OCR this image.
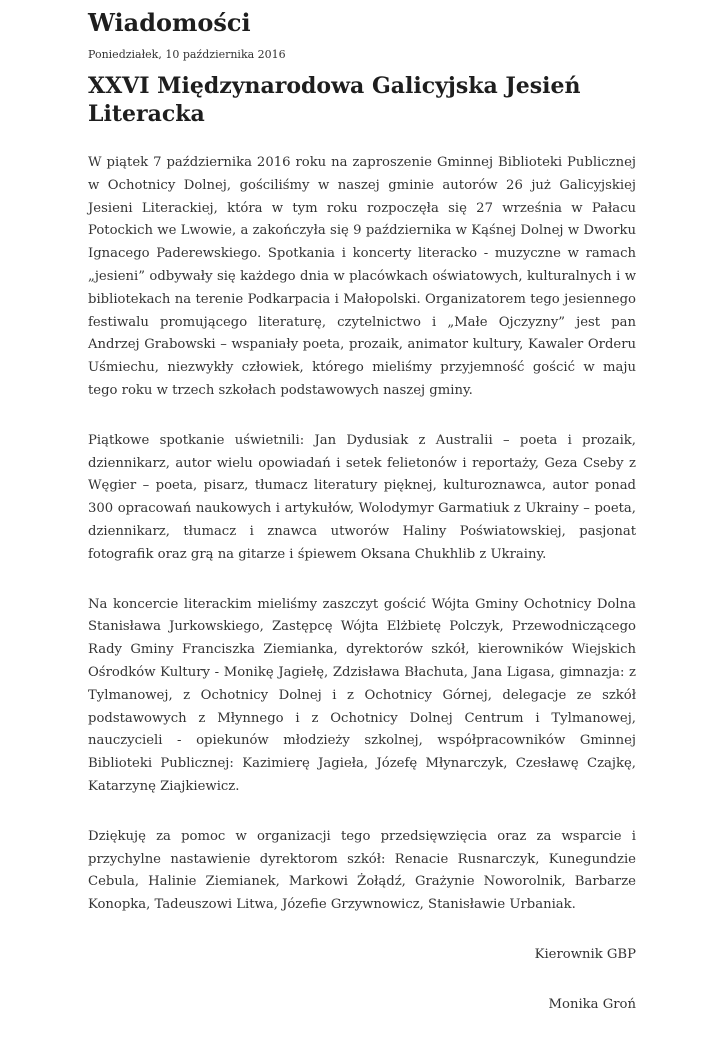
Wiadomości
Poniedziałek, 10 października 2016
XXVI Międzynarodowa Galicyjska Jesień Literacka

W piątek 7 października 2016 roku na zaproszenie Gminnej Biblioteki Publicznej w Ochotnicy Dolnej, gościliśmy w naszej gminie autorów 26 już Galicyjskiej Jesieni Literackiej, która w tym roku rozpoczęła się 27 września w Pałacu Potockich we Lwowie, a zakończyła się 9 października w Kąśnej Dolnej w Dworku Ignacego Paderewskiego. Spotkania i koncerty literacko - muzyczne w ramach „jesieni” odbywały się każdego dnia w placówkach oświatowych, kulturalnych i w bibliotekach na terenie Podkarpacia i Małopolski. Organizatorem tego jesiennego festiwalu promującego literaturę, czytelnictwo i „Małe Ojczyzny” jest pan Andrzej Grabowski – wspaniały poeta, prozaik, animator kultury, Kawaler Orderu Uśmiechu, niezwykły człowiek, którego mieliśmy przyjemność gościć w maju tego roku w trzech szkołach podstawowych naszej gminy.

Piątkowe spotkanie uświetnili: Jan Dydusiak z Australii – poeta i prozaik, dziennikarz, autor wielu opowiadań i setek felietonów i reportaży, Geza Cseby z Węgier – poeta, pisarz, tłumacz literatury pięknej, kulturoznawca, autor ponad 300 opracowań naukowych i artykułów, Wolodymyr Garmatiuk z Ukrainy – poeta, dziennikarz, tłumacz i znawca utworów Haliny Poświatowskiej, pasjonat fotografik oraz grą na gitarze i śpiewem Oksana Chukhlib z Ukrainy.

Na koncercie literackim mieliśmy zaszczyt gościć Wójta Gminy Ochotnicy Dolna Stanisława Jurkowskiego, Zastępcę Wójta Elżbietę Polczyk, Przewodniczącego Rady Gminy Franciszka Ziemianka, dyrektorów szkół, kierowników Wiejskich Ośrodków Kultury - Monikę Jagiełę, Zdzisława Błachuta, Jana Ligasa, gimnazja: z Tylmanowej, z Ochotnicy Dolnej i z Ochotnicy Górnej, delegacje ze szkół podstawowych z Młynnego i z Ochotnicy Dolnej Centrum i Tylmanowej, nauczycieli - opiekunów młodzieży szkolnej, współpracowników Gminnej Biblioteki Publicznej: Kazimierę Jagieła, Józefę Młynarczyk, Czesławę Czajkę, Katarzynę Ziajkiewicz.

Dziękuję za pomoc w organizacji tego przedsięwzięcia oraz za wsparcie i przychylne nastawienie dyrektorom szkół: Renacie Rusnarczyk, Kunegundzie Cebula, Halinie Ziemianek, Markowi Żołądź, Grażynie Noworolnik, Barbarze Konopka, Tadeuszowi Litwa, Józefie Grzywnowicz, Stanisławie Urbaniak.

Kierownik GBP

Monika Groń
